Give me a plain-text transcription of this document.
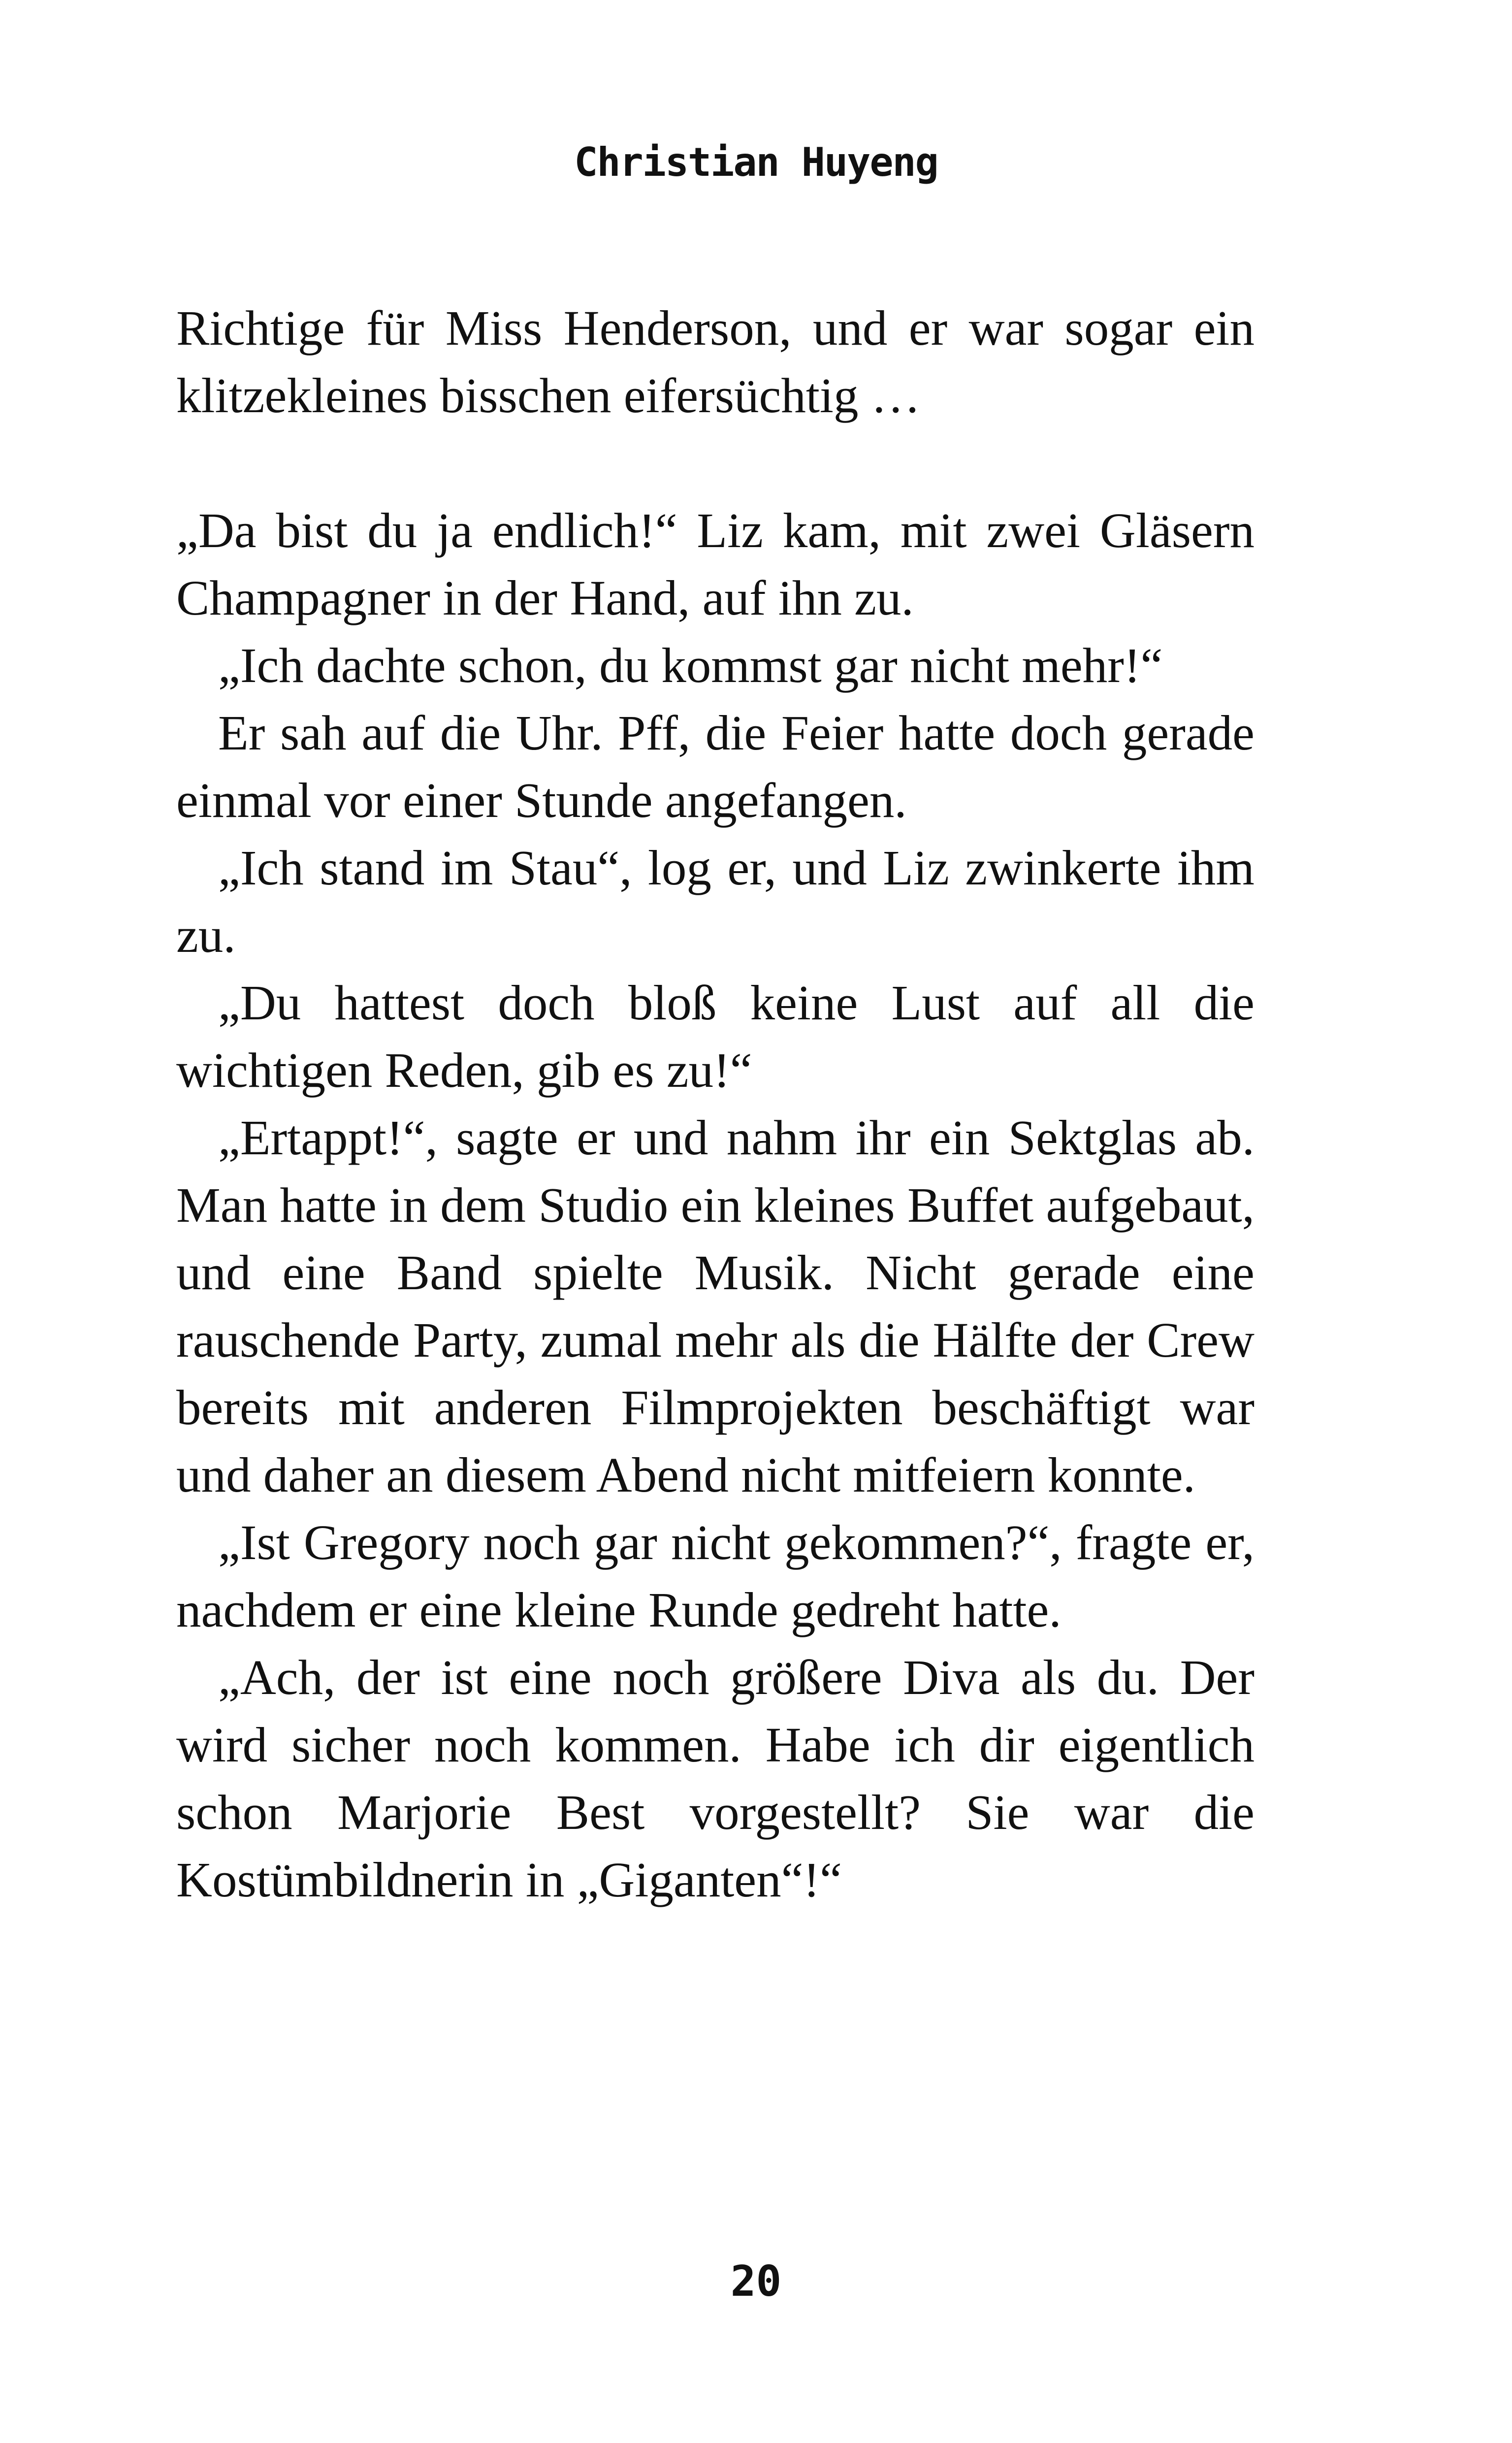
Christian Huyeng

Richtige für Miss Henderson, und er war sogar ein klitzekleines bisschen eifersüchtig …

„Da bist du ja endlich!“ Liz kam, mit zwei Gläsern Champagner in der Hand, auf ihn zu.

„Ich dachte schon, du kommst gar nicht mehr!“

Er sah auf die Uhr. Pff, die Feier hatte doch gerade einmal vor einer Stunde angefangen.

„Ich stand im Stau“, log er, und Liz zwinkerte ihm zu.

„Du hattest doch bloß keine Lust auf all die wichtigen Reden, gib es zu!“

„Ertappt!“, sagte er und nahm ihr ein Sektglas ab. Man hatte in dem Studio ein kleines Buffet aufgebaut, und eine Band spielte Musik. Nicht gerade eine rauschende Party, zumal mehr als die Hälfte der Crew bereits mit anderen Filmprojekten beschäftigt war und daher an diesem Abend nicht mitfeiern konnte.

„Ist Gregory noch gar nicht gekommen?“, fragte er, nachdem er eine kleine Runde gedreht hatte.

„Ach, der ist eine noch größere Diva als du. Der wird sicher noch kommen. Habe ich dir eigentlich schon Marjorie Best vorgestellt? Sie war die Kostümbildnerin in „Giganten“!“

20
